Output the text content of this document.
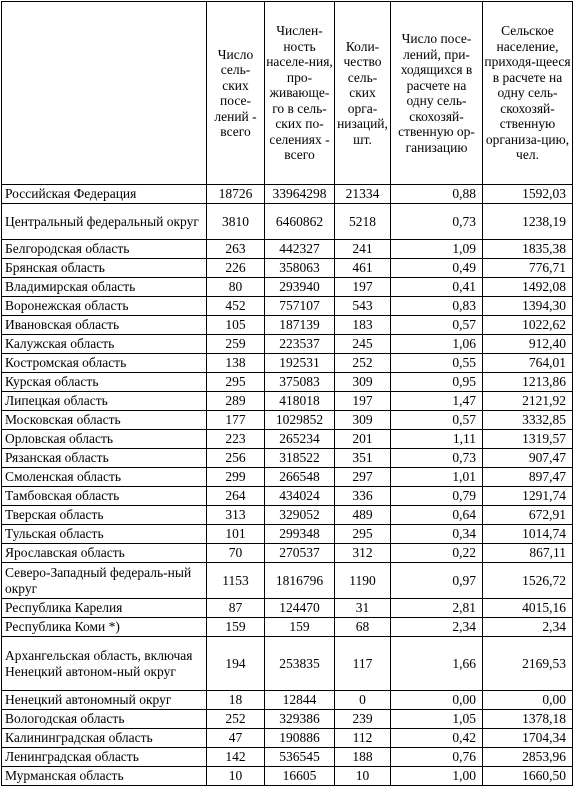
	Число сель-ских посе-лений - всего	Числен-ность населе-ния, про-живающе-го в сель-ских по-селениях - всего	Коли-чество сель-ских орга-низаций, шт.	Число посе-лений, при-ходящихся в расчете на одну сель-скохозяй-ственную ор-ганизацию	Сельское население, приходя-щееся в расчете на одну сель-скохозяй-ственную организа-цию, чел.
Российская Федерация	18726	33964298	21334	0,88	1592,03
Центральный федеральный округ	3810	6460862	5218	0,73	1238,19
Белгородская область	263	442327	241	1,09	1835,38
Брянская область	226	358063	461	0,49	776,71
Владимирская область	80	293940	197	0,41	1492,08
Воронежская область	452	757107	543	0,83	1394,30
Ивановская область	105	187139	183	0,57	1022,62
Калужская область	259	223537	245	1,06	912,40
Костромская область	138	192531	252	0,55	764,01
Курская область	295	375083	309	0,95	1213,86
Липецкая область	289	418018	197	1,47	2121,92
Московская область	177	1029852	309	0,57	3332,85
Орловская область	223	265234	201	1,11	1319,57
Рязанская область	256	318522	351	0,73	907,47
Смоленская область	299	266548	297	1,01	897,47
Тамбовская область	264	434024	336	0,79	1291,74
Тверская область	313	329052	489	0,64	672,91
Тульская область	101	299348	295	0,34	1014,74
Ярославская область	70	270537	312	0,22	867,11
Северо-Западный федераль-ный округ	1153	1816796	1190	0,97	1526,72
Республика Карелия	87	124470	31	2,81	4015,16
Республика Коми *)	159	159	68	2,34	2,34
Архангельская область, включая Ненецкий автоном-ный округ	194	253835	117	1,66	2169,53
Ненецкий автономный округ	18	12844	0	0,00	0,00
Вологодская область	252	329386	239	1,05	1378,18
Калининградская область	47	190886	112	0,42	1704,34
Ленинградская область	142	536545	188	0,76	2853,96
Мурманская область	10	16605	10	1,00	1660,50
